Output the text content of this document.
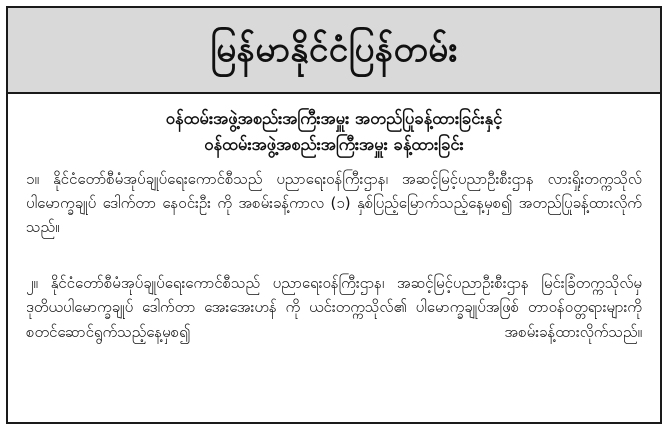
မြန်မာနိုင်ငံပြန်တမ်း
ဝန်ထမ်းအဖွဲ့အစည်းအကြီးအမှူး အတည်ပြုခန့်ထားခြင်းနှင့်
ဝန်ထမ်းအဖွဲ့အစည်းအကြီးအမှူး ခန့်ထားခြင်း
၁။ နိုင်ငံတော်စီမံအုပ်ချုပ်ရေးကောင်စီသည် ပညာရေးဝန်ကြီးဌာန၊ အဆင့်မြင့်ပညာဦးစီးဌာန လားရှိုးတက္ကသိုလ် ပါမောက္ခချုပ် ဒေါက်တာ နေဝင်းဦး ကို အစမ်းခန့်ကာလ (၁) နှစ်ပြည့်မြောက်သည့်နေ့မှစ၍ အတည်ပြုခန့်ထားလိုက်သည်။
၂။ နိုင်ငံတော်စီမံအုပ်ချုပ်ရေးကောင်စီသည် ပညာရေးဝန်ကြီးဌာန၊ အဆင့်မြင့်ပညာဦးစီးဌာန မြင်းခြံတက္ကသိုလ်မှ ဒုတိယပါမောက္ခချုပ် ဒေါက်တာ အေးအေးဟန် ကို ယင်းတက္ကသိုလ်၏ ပါမောက္ခချုပ်အဖြစ် တာဝန်ဝတ္တရားများကို စတင်ဆောင်ရွက်သည့်နေ့မှစ၍ အစမ်းခန့်ထားလိုက်သည်။
